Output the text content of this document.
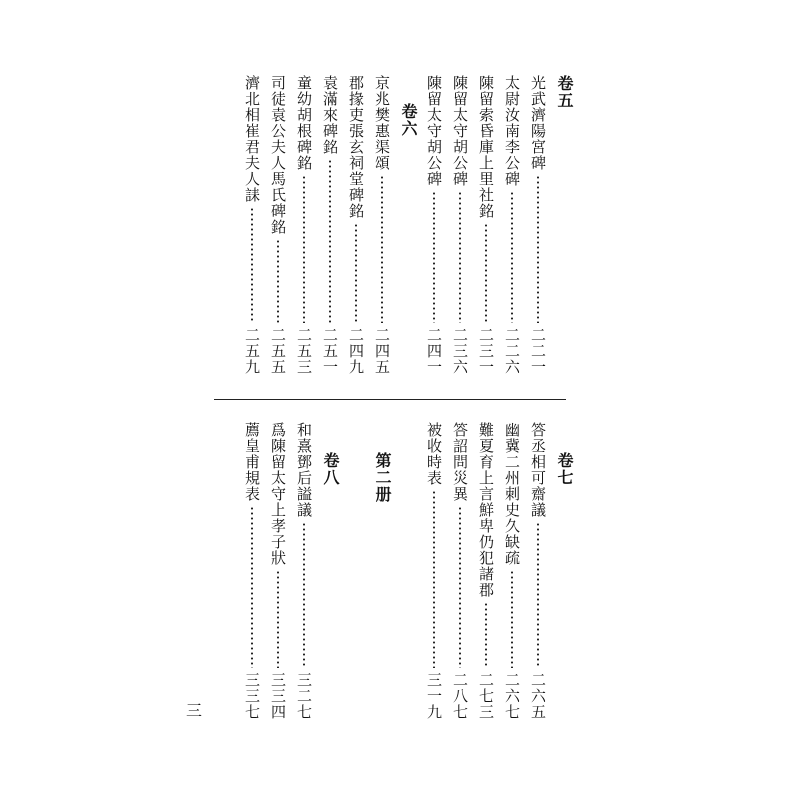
卷五
光武濟陽宮碑
二二一
太尉汝南李公碑
二二六
陳留索昏庫上里社銘
二三一
陳留太守胡公碑
二三六
陳留太守胡公碑
二四一
卷六
京兆樊惠渠頌
二四五
郡掾吏張玄祠堂碑銘
二四九
袁滿來碑銘
二五一
童幼胡根碑銘
二五三
司徒袁公夫人馬氏碑銘
二五五
濟北相崔君夫人誄
二五九
卷七
答丞相可齋議
二六五
幽冀二州刺史久缺疏
二六七
難夏育上言鮮卑仍犯諸郡
二七三
答詔問災異
二八七
被收時表
三一九
第二册
卷八
和熹鄧后謚議
三二七
爲陳留太守上孝子狀
三三四
薦皇甫規表
三三七
三
